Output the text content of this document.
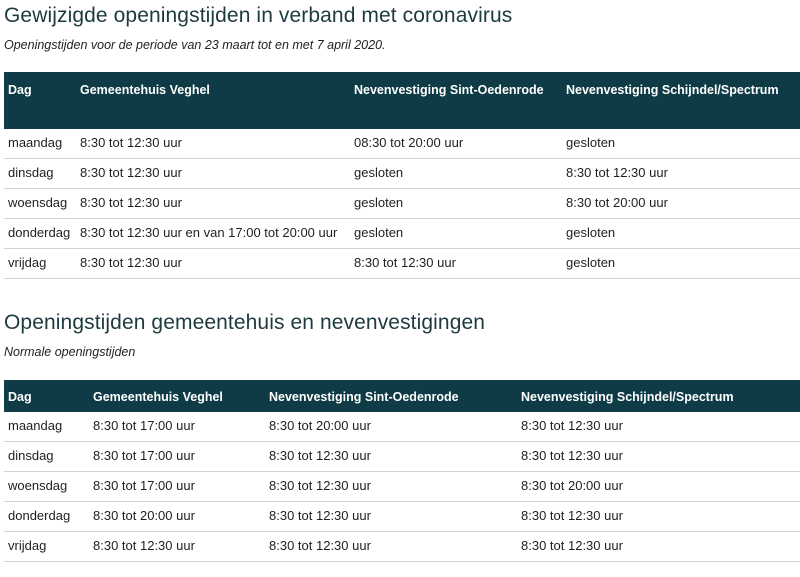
Gewijzigde openingstijden in verband met coronavirus

Openingstijden voor de periode van 23 maart tot en met 7 april 2020.

Dag	Gemeentehuis Veghel	Nevenvestiging Sint-Oedenrode	Nevenvestiging Schijndel/Spectrum
maandag	8:30 tot 12:30 uur	08:30 tot 20:00 uur	gesloten
dinsdag	8:30 tot 12:30 uur	gesloten	8:30 tot 12:30 uur
woensdag	8:30 tot 12:30 uur	gesloten	8:30 tot 20:00 uur
donderdag	8:30 tot 12:30 uur en van 17:00 tot 20:00 uur	gesloten	gesloten
vrijdag	8:30 tot 12:30 uur	8:30 tot 12:30 uur	gesloten
Openingstijden gemeentehuis en nevenvestigingen

Normale openingstijden

Dag	Gemeentehuis Veghel	Nevenvestiging Sint-Oedenrode	Nevenvestiging Schijndel/Spectrum
maandag	8:30 tot 17:00 uur	8:30 tot 20:00 uur	8:30 tot 12:30 uur
dinsdag	8:30 tot 17:00 uur	8:30 tot 12:30 uur	8:30 tot 12:30 uur
woensdag	8:30 tot 17:00 uur	8:30 tot 12:30 uur	8:30 tot 20:00 uur
donderdag	8:30 tot 20:00 uur	8:30 tot 12:30 uur	8:30 tot 12:30 uur
vrijdag	8:30 tot 12:30 uur	8:30 tot 12:30 uur	8:30 tot 12:30 uur
